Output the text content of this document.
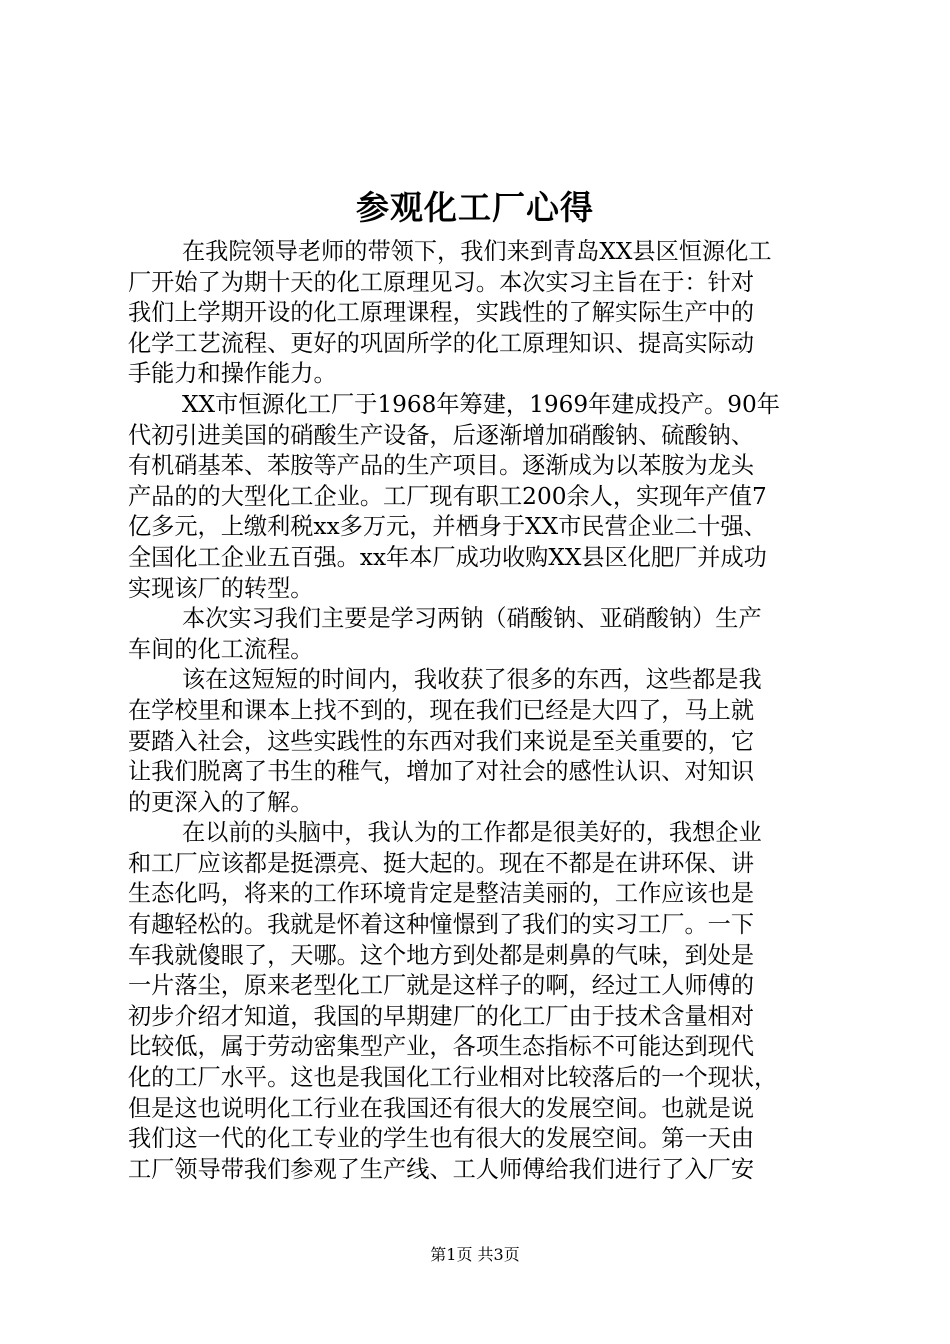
参观化工厂心得
在我院领导老师的带领下，我们来到青岛XX县区恒源化工
厂开始了为期十天的化工原理见习。本次实习主旨在于：针对
我们上学期开设的化工原理课程，实践性的了解实际生产中的
化学工艺流程、更好的巩固所学的化工原理知识、提高实际动
手能力和操作能力。
XX市恒源化工厂于1968年筹建，1969年建成投产。90年
代初引进美国的硝酸生产设备，后逐渐增加硝酸钠、硫酸钠、
有机硝基苯、苯胺等产品的生产项目。逐渐成为以苯胺为龙头
产品的的大型化工企业。工厂现有职工200余人，实现年产值7
亿多元，上缴利税xx多万元，并栖身于XX市民营企业二十强、
全国化工企业五百强。xx年本厂成功收购XX县区化肥厂并成功
实现该厂的转型。
本次实习我们主要是学习两钠（硝酸钠、亚硝酸钠）生产
车间的化工流程。
该在这短短的时间内，我收获了很多的东西，这些都是我
在学校里和课本上找不到的，现在我们已经是大四了，马上就
要踏入社会，这些实践性的东西对我们来说是至关重要的，它
让我们脱离了书生的稚气，增加了对社会的感性认识、对知识
的更深入的了解。
在以前的头脑中，我认为的工作都是很美好的，我想企业
和工厂应该都是挺漂亮、挺大起的。现在不都是在讲环保、讲
生态化吗，将来的工作环境肯定是整洁美丽的，工作应该也是
有趣轻松的。我就是怀着这种憧憬到了我们的实习工厂。一下
车我就傻眼了，天哪。这个地方到处都是刺鼻的气味，到处是
一片落尘，原来老型化工厂就是这样子的啊，经过工人师傅的
初步介绍才知道，我国的早期建厂的化工厂由于技术含量相对
比较低，属于劳动密集型产业，各项生态指标不可能达到现代
化的工厂水平。这也是我国化工行业相对比较落后的一个现状，
但是这也说明化工行业在我国还有很大的发展空间。也就是说
我们这一代的化工专业的学生也有很大的发展空间。第一天由
工厂领导带我们参观了生产线、工人师傅给我们进行了入厂安
第1页 共3页
